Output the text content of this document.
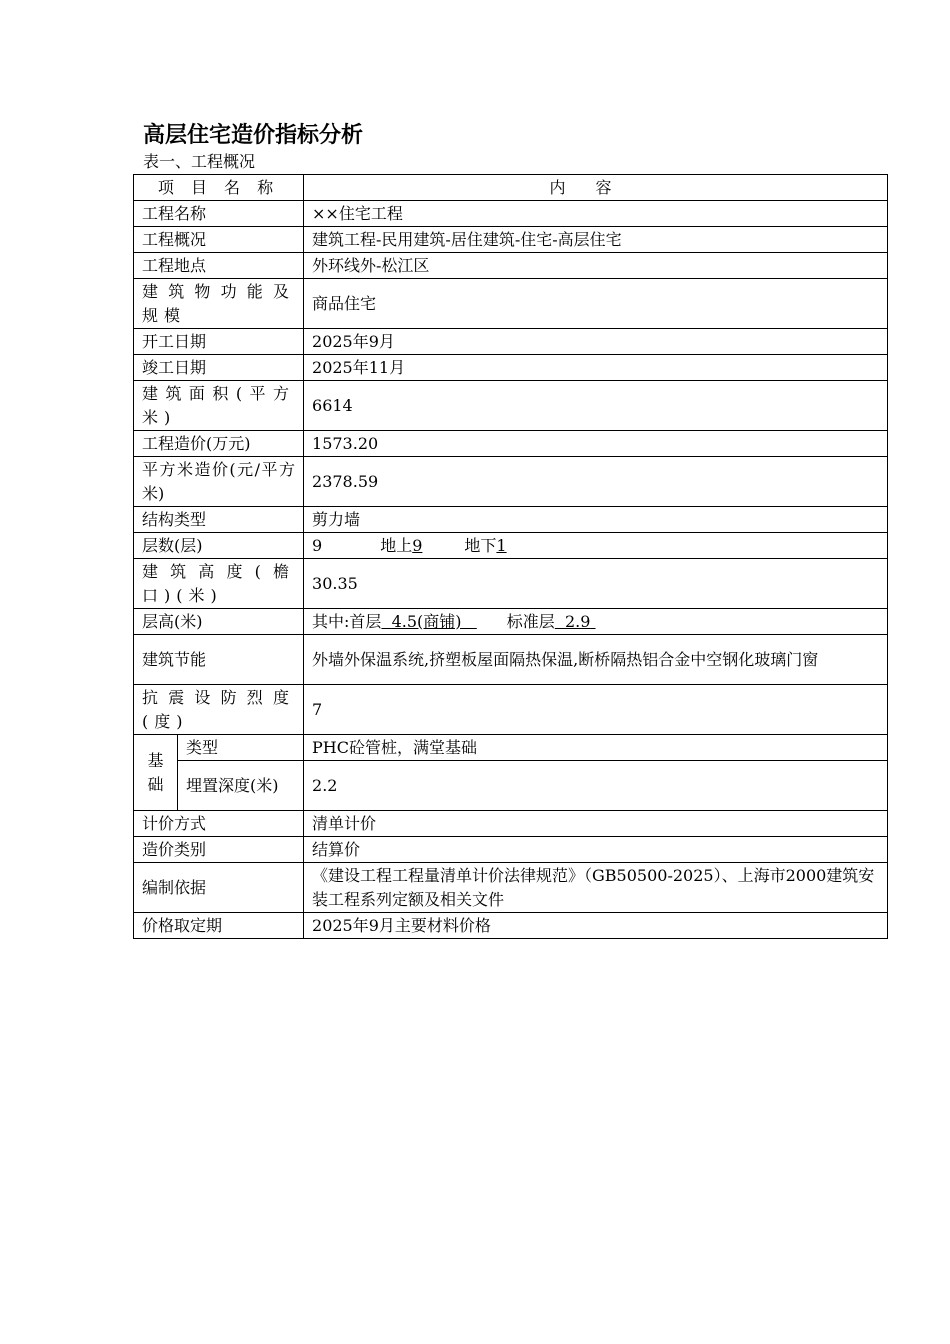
高层住宅造价指标分析
表一、工程概况
项 目 名 称		内容
工程名称		××住宅工程
工程概况		建筑工程-民用建筑-居住建筑-住宅-高层住宅
工程地点		外环线外-松江区
建筑物功能及规模		商品住宅
开工日期		2025年9月
竣工日期		2025年11月
建筑面积(平方米)		6614
工程造价(万元)		1573.20
平方米造价(元/平方米)		2378.59
结构类型		剪力墙
层数(层)		9 地上9 地下1
建筑高度(檐口)(米)		30.35
层高(米)		其中:首层 4.5(商铺) 标准层 2.9
建筑节能		外墙外保温系统,挤塑板屋面隔热保温,断桥隔热铝合金中空钢化玻璃门窗
抗震设防烈度(度)		7
基础	类型	PHC砼管桩，满堂基础
	埋置深度(米)	2.2
计价方式		清单计价
造价类别		结算价
编制依据		《建设工程工程量清单计价法律规范》（GB50500-2025）、上海市2000建筑安装工程系列定额及相关文件
价格取定期		2025年9月主要材料价格
